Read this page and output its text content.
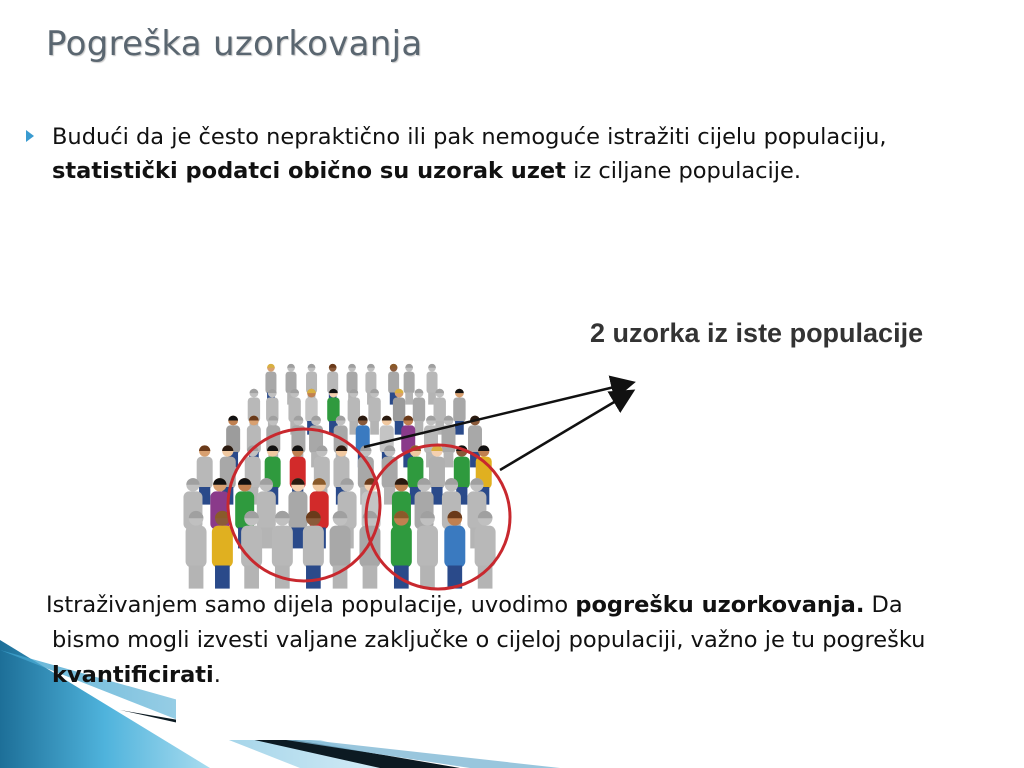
Pogreška uzorkovanja
Budući da je često nepraktično ili pak nemoguće istražiti cijelu populaciju, statistički podatci obično su uzorak uzet iz ciljane populacije.
2 uzorka iz iste populacije
Istraživanjem samo dijela populacije, uvodimo pogrešku uzorkovanja. Da bismo mogli izvesti valjane zaključke o cijeloj populaciji, važno je tu pogrešku kvantificirati.
